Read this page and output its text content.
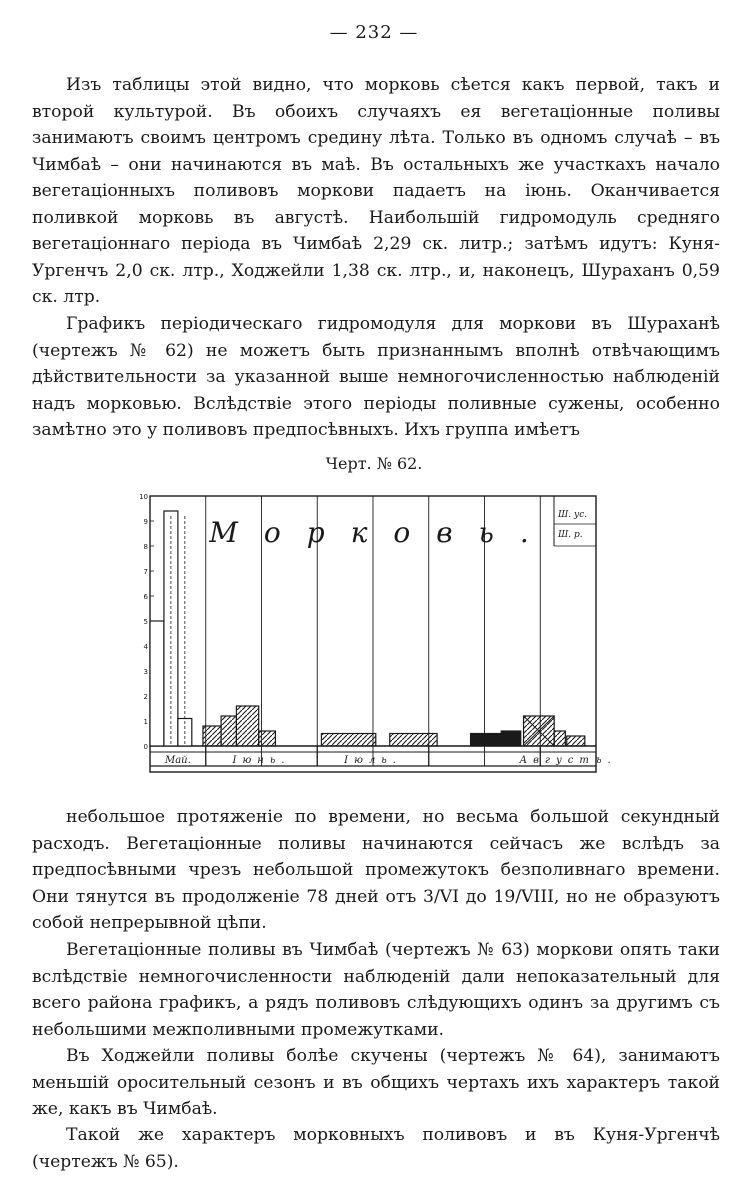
— 232 —

Изъ таблицы этой видно, что морковь сѣется какъ первой, такъ и второй культурой. Въ обоихъ случаяхъ ея вегетаціонные поливы занимаютъ своимъ центромъ средину лѣта. Только въ одномъ случаѣ – въ Чимбаѣ – они начинаются въ маѣ. Въ остальныхъ же участкахъ начало вегетаціонныхъ поливовъ моркови падаетъ на іюнь. Оканчивается поливкой морковь въ августѣ. Наибольшій гидромодуль средняго вегетаціоннаго періода въ Чимбаѣ 2,29 ск. литр.; затѣмъ идутъ: Куня-Ургенчъ 2,0 ск. лтр., Ходжейли 1,38 ск. лтр., и, наконецъ, Шураханъ 0,59 ск. лтр.

Графикъ періодическаго гидромодуля для моркови въ Шураханѣ (чертежъ № 62) не можетъ быть признаннымъ вполнѣ отвѣчающимъ дѣйствительности за указанной выше немногочисленностью наблюденій надъ морковью. Вслѣдствіе этого періоды поливные сужены, особенно замѣтно это у поливовъ предпосѣвныхъ. Ихъ группа имѣетъ

Черт. № 62.
10
9
8
7
6
5
4
3
2
1
0
Морковь.
Ш. ус.
Ш. р.
Май.	Іюнь.	Іюль.	Августъ.

небольшое протяженіе по времени, но весьма большой секундный расходъ. Вегетаціонные поливы начинаются сейчасъ же вслѣдъ за предпосѣвными чрезъ небольшой промежутокъ безполивнаго времени. Они тянутся въ продолженіе 78 дней отъ 3/VI до 19/VIII, но не образуютъ собой непрерывной цѣпи.

Вегетаціонные поливы въ Чимбаѣ (чертежъ № 63) моркови опять таки вслѣдствіе немногочисленности наблюденій дали непоказательный для всего района графикъ, а рядъ поливовъ слѣдующихъ одинъ за другимъ съ небольшими межполивными промежутками.

Въ Ходжейли поливы болѣе скучены (чертежъ № 64), занимаютъ меньшій оросительный сезонъ и въ общихъ чертахъ ихъ характеръ такой же, какъ въ Чимбаѣ.

Такой же характеръ морковныхъ поливовъ и въ Куня-Ургенчѣ (чертежъ № 65).
